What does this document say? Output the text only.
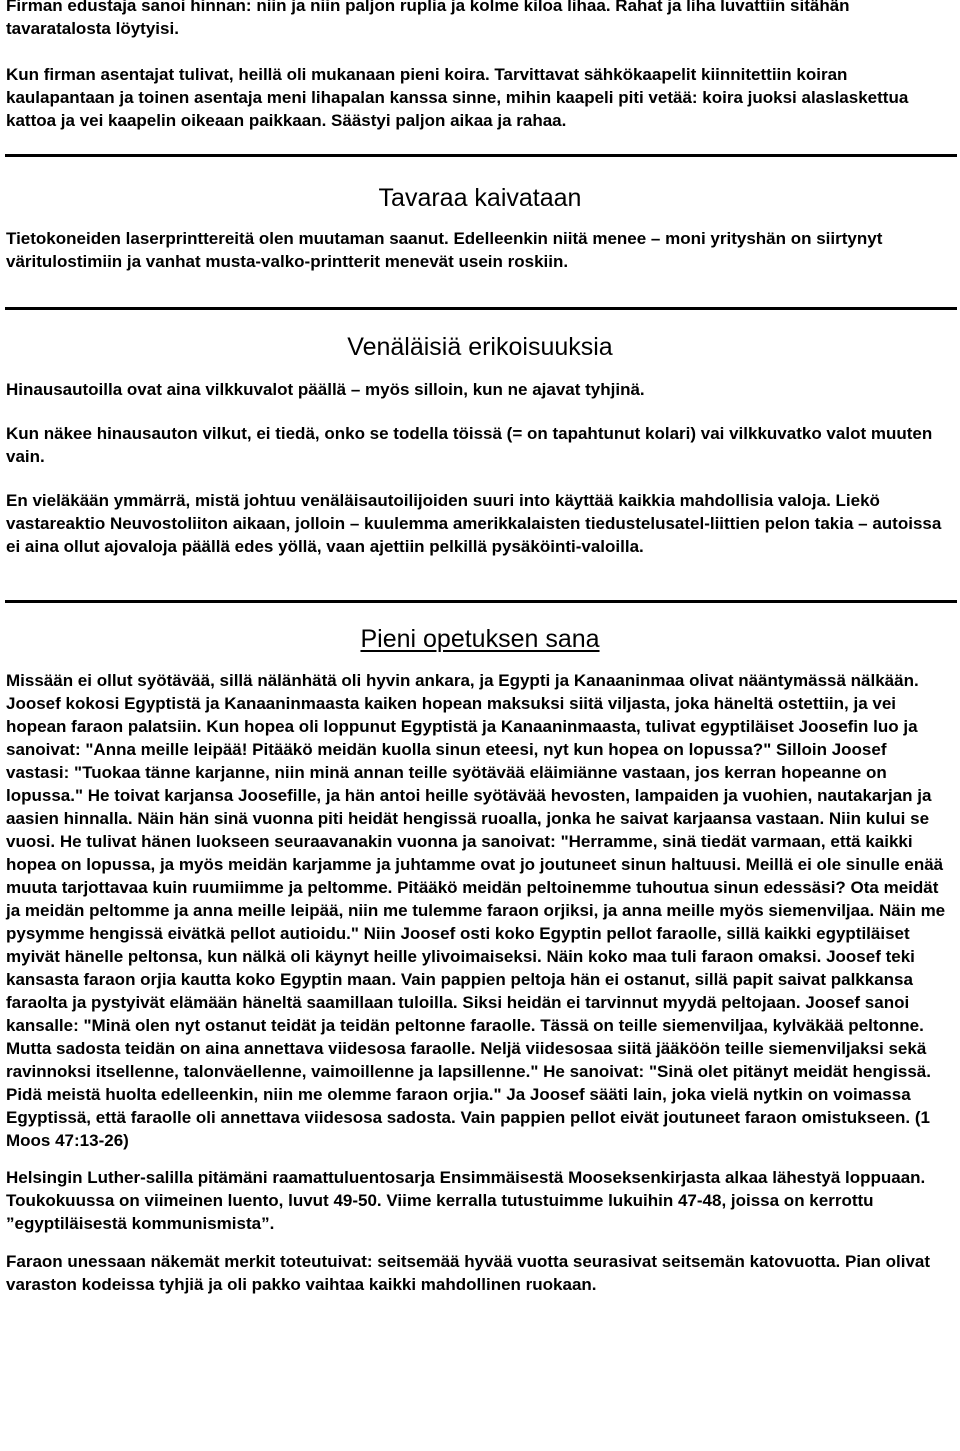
Firman edustaja sanoi hinnan: niin ja niin paljon ruplia ja kolme kiloa lihaa. Rahat ja liha luvattiin sitähän tavaratalosta löytyisi.

Kun firman asentajat tulivat, heillä oli mukanaan pieni koira. Tarvittavat sähkökaapelit kiinnitettiin koiran kaulapantaan ja toinen asentaja meni lihapalan kanssa sinne, mihin kaapeli piti vetää: koira juoksi alaslaskettua kattoa ja vei kaapelin oikeaan paikkaan. Säästyi paljon aikaa ja rahaa.

Tavaraa kaivataan

Tietokoneiden laserprinttereitä olen muutaman saanut. Edelleenkin niitä menee – moni yrityshän on siirtynyt väritulostimiin ja vanhat musta-valko-printterit menevät usein roskiin.

Venäläisiä erikoisuuksia

Hinausautoilla ovat aina vilkkuvalot päällä – myös silloin, kun ne ajavat tyhjinä.

Kun näkee hinausauton vilkut, ei tiedä, onko se todella töissä (= on tapahtunut kolari) vai vilkkuvatko valot muuten vain.

En vieläkään ymmärrä, mistä johtuu venäläisautoilijoiden suuri into käyttää kaikkia mahdollisia valoja. Liekö vastareaktio Neuvostoliiton aikaan, jolloin – kuulemma amerikkalaisten tiedustelusatel-liittien pelon takia – autoissa ei aina ollut ajovaloja päällä edes yöllä, vaan ajettiin pelkillä pysäköinti-valoilla.

Pieni opetuksen sana

Missään ei ollut syötävää, sillä nälänhätä oli hyvin ankara, ja Egypti ja Kanaaninmaa olivat nääntymässä nälkään. Joosef kokosi Egyptistä ja Kanaaninmaasta kaiken hopean maksuksi siitä viljasta, joka häneltä ostettiin, ja vei hopean faraon palatsiin. Kun hopea oli loppunut Egyptistä ja Kanaaninmaasta, tulivat egyptiläiset Joosefin luo ja sanoivat: "Anna meille leipää! Pitääkö meidän kuolla sinun eteesi, nyt kun hopea on lopussa?" Silloin Joosef vastasi: "Tuokaa tänne karjanne, niin minä annan teille syötävää eläimiänne vastaan, jos kerran hopeanne on lopussa." He toivat karjansa Joosefille, ja hän antoi heille syötävää hevosten, lampaiden ja vuohien, nautakarjan ja aasien hinnalla. Näin hän sinä vuonna piti heidät hengissä ruoalla, jonka he saivat karjaansa vastaan. Niin kului se vuosi. He tulivat hänen luokseen seuraavanakin vuonna ja sanoivat: "Herramme, sinä tiedät varmaan, että kaikki hopea on lopussa, ja myös meidän karjamme ja juhtamme ovat jo joutuneet sinun haltuusi. Meillä ei ole sinulle enää muuta tarjottavaa kuin ruumiimme ja peltomme. Pitääkö meidän peltoinemme tuhoutua sinun edessäsi? Ota meidät ja meidän peltomme ja anna meille leipää, niin me tulemme faraon orjiksi, ja anna meille myös siemenviljaa. Näin me pysymme hengissä eivätkä pellot autioidu." Niin Joosef osti koko Egyptin pellot faraolle, sillä kaikki egyptiläiset myivät hänelle peltonsa, kun nälkä oli käynyt heille ylivoimaiseksi. Näin koko maa tuli faraon omaksi. Joosef teki kansasta faraon orjia kautta koko Egyptin maan. Vain pappien peltoja hän ei ostanut, sillä papit saivat palkkansa faraolta ja pystyivät elämään häneltä saamillaan tuloilla. Siksi heidän ei tarvinnut myydä peltojaan. Joosef sanoi kansalle: "Minä olen nyt ostanut teidät ja teidän peltonne faraolle. Tässä on teille siemenviljaa, kylväkää peltonne. Mutta sadosta teidän on aina annettava viidesosa faraolle. Neljä viidesosaa siitä jääköön teille siemenviljaksi sekä ravinnoksi itsellenne, talonväellenne, vaimoillenne ja lapsillenne." He sanoivat: "Sinä olet pitänyt meidät hengissä. Pidä meistä huolta edelleenkin, niin me olemme faraon orjia." Ja Joosef sääti lain, joka vielä nytkin on voimassa Egyptissä, että faraolle oli annettava viidesosa sadosta. Vain pappien pellot eivät joutuneet faraon omistukseen. (1 Moos 47:13-26)

Helsingin Luther-salilla pitämäni raamattuluentosarja Ensimmäisestä Mooseksenkirjasta alkaa lähestyä loppuaan. Toukokuussa on viimeinen luento, luvut 49-50. Viime kerralla tutustuimme lukuihin 47-48, joissa on kerrottu ”egyptiläisestä kommunismista”.

Faraon unessaan näkemät merkit toteutuivat: seitsemää hyvää vuotta seurasivat seitsemän katovuotta. Pian olivat varaston kodeissa tyhjiä ja oli pakko vaihtaa kaikki mahdollinen ruokaan.
